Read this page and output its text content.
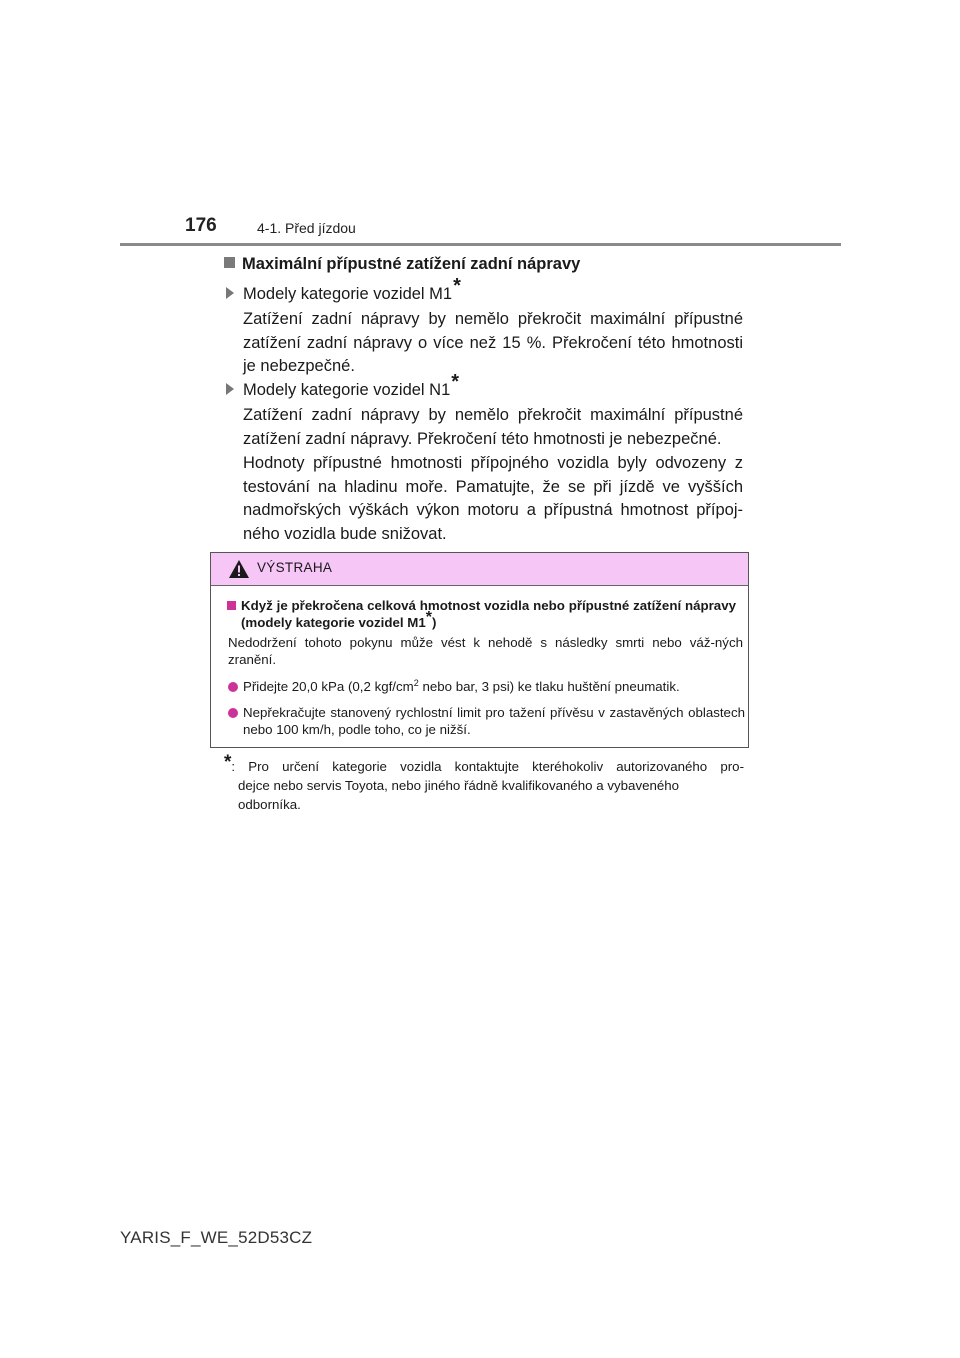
176	4-1. Před jízdou
Maximální přípustné zatížení zadní nápravy
Modely kategorie vozidel M1*
Zatížení zadní nápravy by nemělo překročit maximální přípustné zatížení zadní nápravy o více než 15 %. Překročení této hmotnosti je nebezpečné.
Modely kategorie vozidel N1*
Zatížení zadní nápravy by nemělo překročit maximální přípustné zatížení zadní nápravy. Překročení této hmotnosti je nebezpečné.
Hodnoty přípustné hmotnosti přípojného vozidla byly odvozeny z testování na hladinu moře. Pamatujte, že se při jízdě ve vyšších nadmořských výškách výkon motoru a přípustná hmotnost přípoj-ného vozidla bude snižovat.
VÝSTRAHA
Když je překročena celková hmotnost vozidla nebo přípustné zatížení nápravy (modely kategorie vozidel M1*)
Nedodržení tohoto pokynu může vést k nehodě s následky smrti nebo váž-ných zranění.
Přidejte 20,0 kPa (0,2 kgf/$cm^2$ nebo bar, 3 psi) ke tlaku huštění pneumatik.
Nepřekračujte stanovený rychlostní limit pro tažení přívěsu v zastavěných oblastech nebo 100 km/h, podle toho, co je nižší.
*: Pro určení kategorie vozidla kontaktujte kteréhokoliv autorizovaného pro-
dejce nebo servis Toyota, nebo jiného řádně kvalifikovaného a vybaveného
odborníka.
YARIS_F_WE_52D53CZ
